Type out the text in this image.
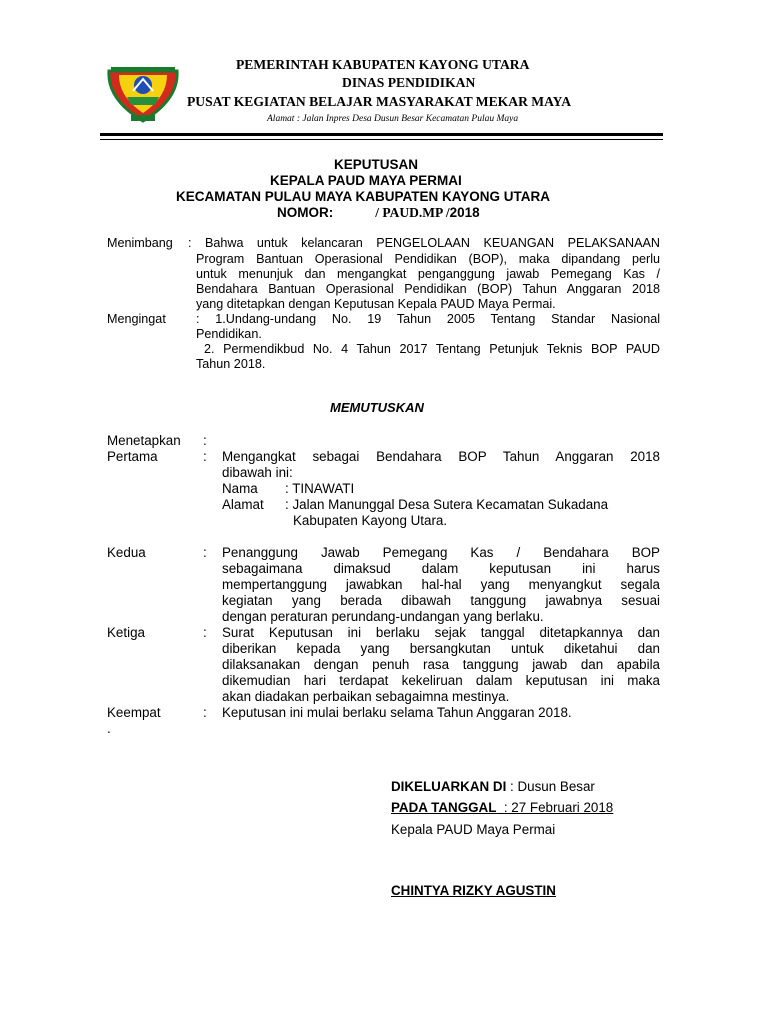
PEMERINTAH KABUPATEN KAYONG UTARA
DINAS PENDIDIKAN
PUSAT KEGIATAN BELAJAR MASYARAKAT MEKAR MAYA
Alamat : Jalan Inpres Desa Dusun Besar Kecamatan Pulau Maya
KEPUTUSAN
KEPALA PAUD MAYA PERMAI
KECAMATAN PULAU MAYA KABUPATEN KAYONG UTARA
NOMOR:	/ PAUD.MP /2018
Menimbang : Bahwa untuk kelancaran PENGELOLAAN KEUANGAN PELAKSANAAN
Program Bantuan Operasional Pendidikan (BOP), maka dipandang perlu
untuk menunjuk dan mengangkat penganggung jawab Pemegang Kas /
Bendahara Bantuan Operasional Pendidikan (BOP) Tahun Anggaran 2018
yang ditetapkan dengan Keputusan Kepala PAUD Maya Permai.
Mengingat : 1.Undang-undang No. 19 Tahun 2005 Tentang Standar Nasional
Pendidikan.
2. Permendikbud No. 4 Tahun 2017 Tentang Petunjuk Teknis BOP PAUD
Tahun 2018.
MEMUTUSKAN
Menetapkan :
Pertama	: Mengangkat sebagai Bendahara BOP Tahun Anggaran 2018
dibawah ini:
Nama : TINAWATI
Alamat : Jalan Manunggal Desa Sutera Kecamatan Sukadana
Kabupaten Kayong Utara.
Kedua	: Penanggung Jawab Pemegang Kas / Bendahara BOP
sebagaimana dimaksud dalam keputusan ini harus
mempertanggung jawabkan hal-hal yang menyangkut segala
kegiatan yang berada dibawah tanggung jawabnya sesuai
dengan peraturan perundang-undangan yang berlaku.
Ketiga	: Surat Keputusan ini berlaku sejak tanggal ditetapkannya dan
diberikan kepada yang bersangkutan untuk diketahui dan
dilaksanakan dengan penuh rasa tanggung jawab dan apabila
dikemudian hari terdapat kekeliruan dalam keputusan ini maka
akan diadakan perbaikan sebagaimna mestinya.
Keempat	: Keputusan ini mulai berlaku selama Tahun Anggaran 2018.
.
DIKELUARKAN DI : Dusun Besar
PADA TANGGAL  : 27 Februari 2018
Kepala PAUD Maya Permai
CHINTYA RIZKY AGUSTIN
